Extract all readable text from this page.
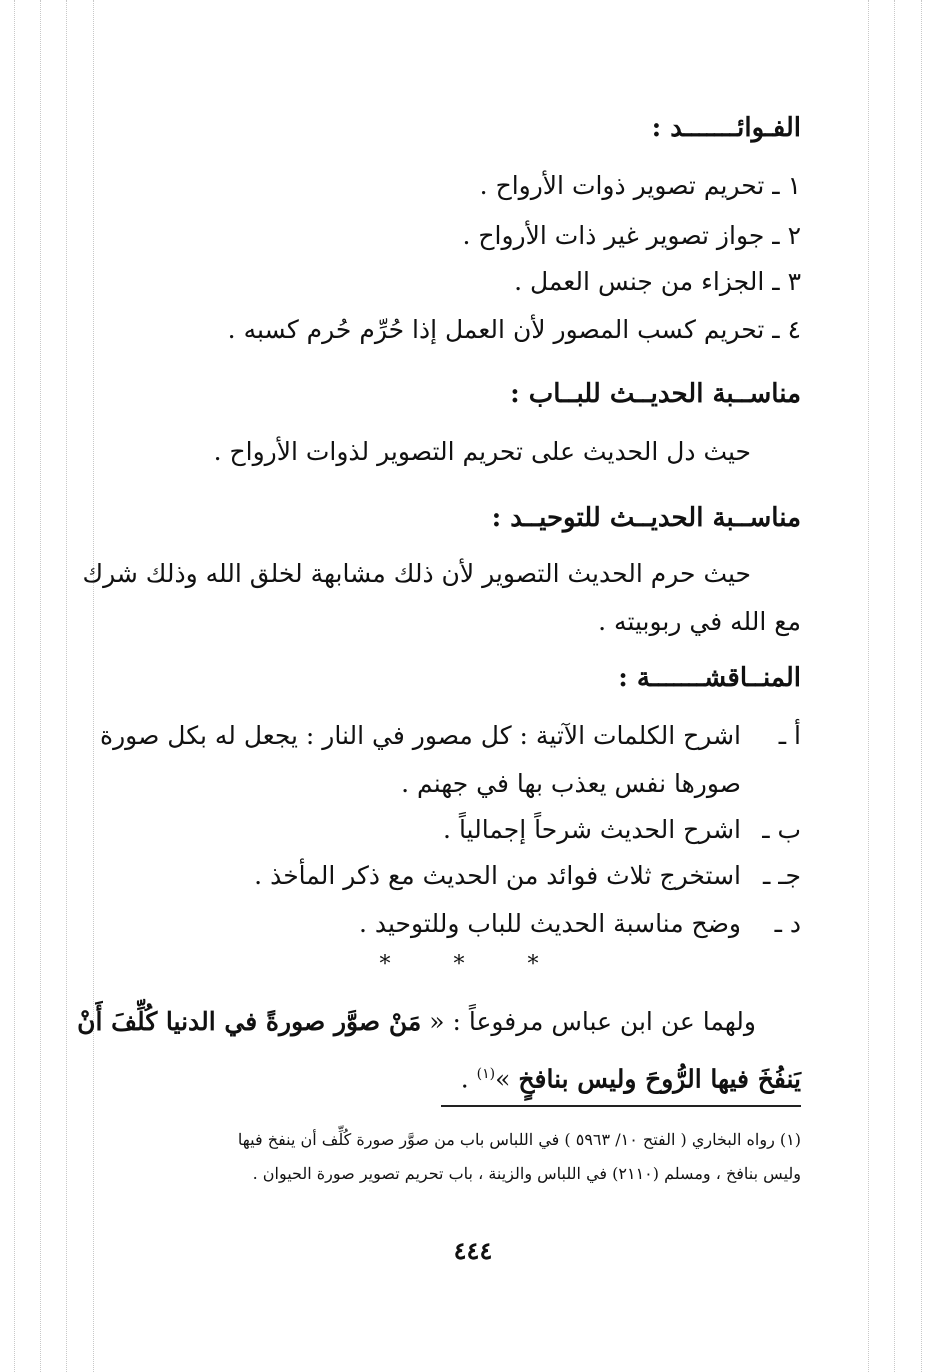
الفـوائـــــــد :
١ ـ تحريم تصوير ذوات الأرواح .
٢ ـ جواز تصوير غير ذات الأرواح .
٣ ـ الجزاء من جنس العمل .
٤ ـ تحريم كسب المصور لأن العمل إذا حُرِّم حُرم كسبه .
مناســبة الحديــث للبــاب :
حيث دل الحديث على تحريم التصوير لذوات الأرواح .
مناســبة الحديــث للتوحيــد :
حيث حرم الحديث التصوير لأن ذلك مشابهة لخلق الله وذلك شرك
مع الله في ربوبيته .
المنــاقشـــــــة :
أ ـاشرح الكلمات الآتية : كل مصور في النار : يجعل له بكل صورة
صورها نفس يعذب بها في جهنم .
ب ـاشرح الحديث شرحاً إجمالياً .
جـ ـاستخرج ثلاث فوائد من الحديث مع ذكر المأخذ .
د ـوضح مناسبة الحديث للباب وللتوحيد .
* * *
ولهما عن ابن عباس مرفوعاً : « مَنْ صوَّر صورةً في الدنيا كُلِّفَ أَنْ
يَنفُخَ فيها الرُّوحَ وليس بنافخٍ »$^{(١)}$ .
(١) رواه البخاري ( الفتح ١٠/ ٥٩٦٣ ) في اللباس باب من صوَّر صورة كُلِّف أن ينفخ فيها
وليس بنافخ ، ومسلم (٢١١٠) في اللباس والزينة ، باب تحريم تصوير صورة الحيوان .
٤٤٤
